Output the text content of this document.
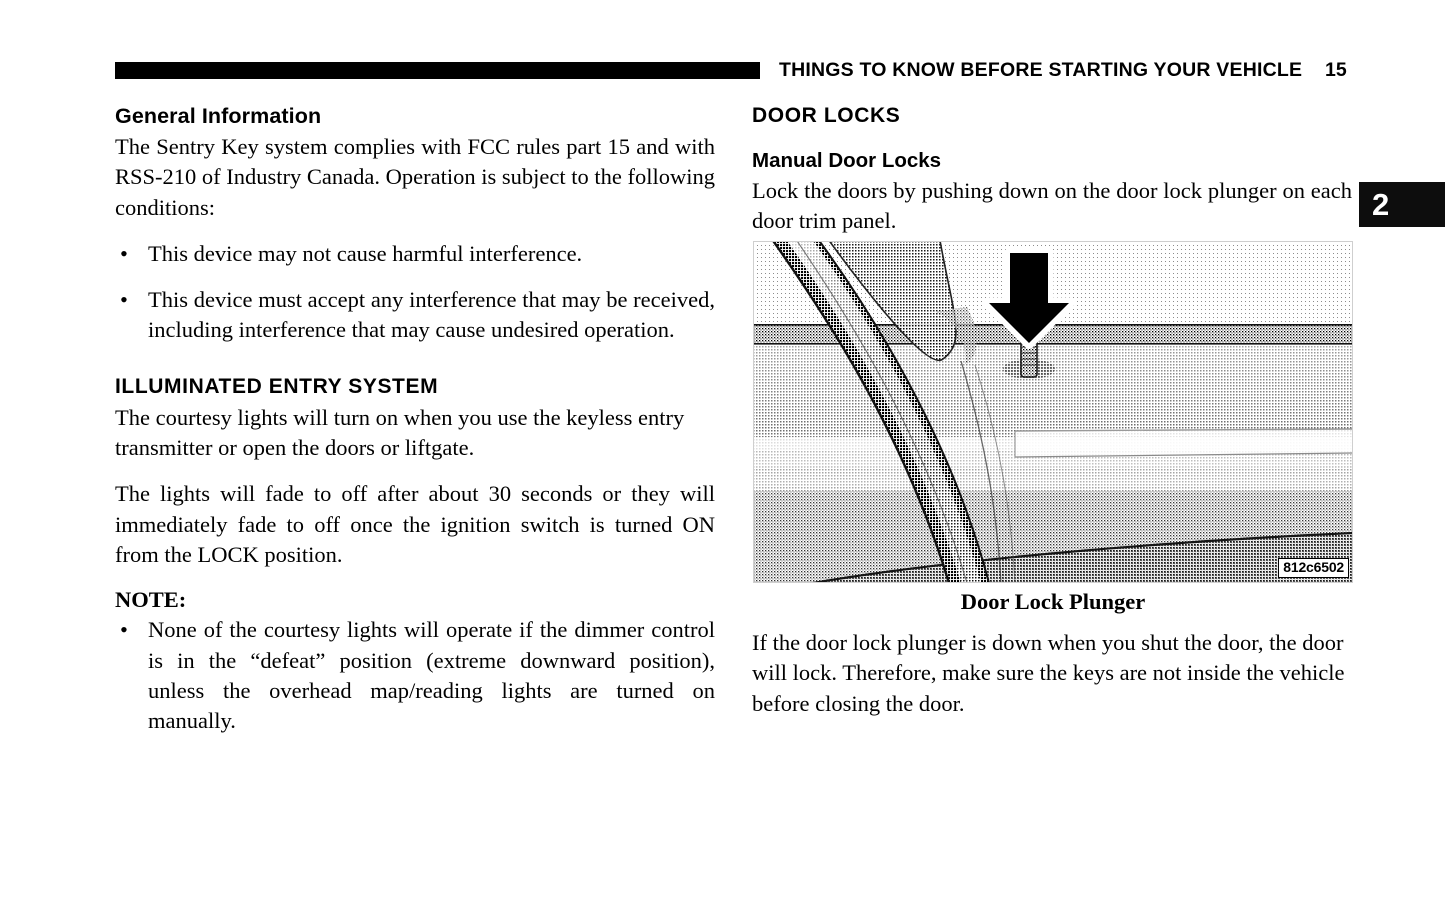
THINGS TO KNOW BEFORE STARTING YOUR VEHICLE 15
2
General Information

The Sentry Key system complies with FCC rules part 15 and with RSS-210 of Industry Canada. Operation is subject to the following conditions:

• This device may not cause harmful interference.
• This device must accept any interference that may be received, including interference that may cause undesired operation.
ILLUMINATED ENTRY SYSTEM

The courtesy lights will turn on when you use the keyless entry transmitter or open the doors or liftgate.

The lights will fade to off after about 30 seconds or they will immediately fade to off once the ignition switch is turned ON from the LOCK position.

NOTE:
• None of the courtesy lights will operate if the dimmer control is in the “defeat” position (extreme downward position), unless the overhead map/reading lights are turned on manually.
DOOR LOCKS
Manual Door Locks

Lock the doors by pushing down on the door lock plunger on each door trim panel.

812c6502
Door Lock Plunger

If the door lock plunger is down when you shut the door, the door will lock. Therefore, make sure the keys are not inside the vehicle before closing the door.
